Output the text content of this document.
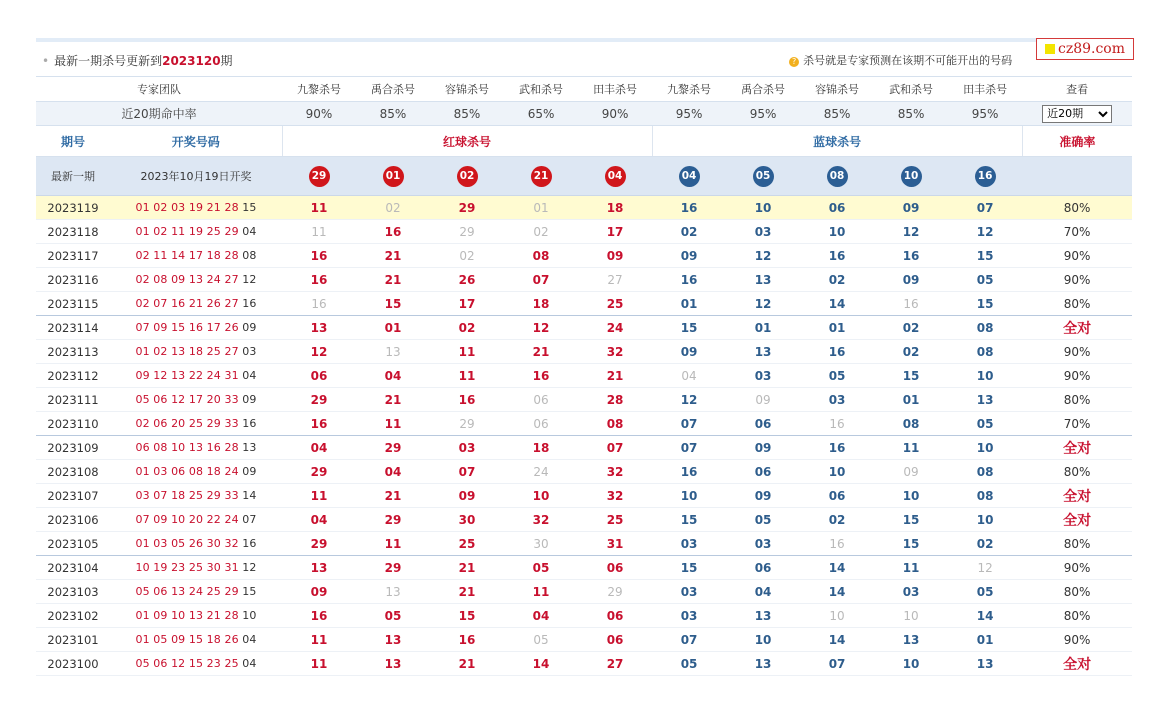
cz89.com
• 最新一期杀号更新到2023120期						? 杀号就是专家预测在该期不可能开出的号码						
专家团队		九黎杀号	禹合杀号	容锦杀号	武和杀号	田丰杀号	九黎杀号	禹合杀号	容锦杀号	武和杀号	田丰杀号	查看
近20期命中率		90%	85%	85%	65%	90%	95%	95%	85%	85%	95%	
近20期
期号	开奖号码	红球杀号					蓝球杀号					准确率
最新一期	2023年10月19日开奖	29	01	02	21	04	04	05	08	10	16	
2023119	01 02 03 19 21 28 15	11	02	29	01	18	16	10	06	09	07	80%
2023118	01 02 11 19 25 29 04	11	16	29	02	17	02	03	10	12	12	70%
2023117	02 11 14 17 18 28 08	16	21	02	08	09	09	12	16	16	15	90%
2023116	02 08 09 13 24 27 12	16	21	26	07	27	16	13	02	09	05	90%
2023115	02 07 16 21 26 27 16	16	15	17	18	25	01	12	14	16	15	80%
2023114	07 09 15 16 17 26 09	13	01	02	12	24	15	01	01	02	08	全对
2023113	01 02 13 18 25 27 03	12	13	11	21	32	09	13	16	02	08	90%
2023112	09 12 13 22 24 31 04	06	04	11	16	21	04	03	05	15	10	90%
2023111	05 06 12 17 20 33 09	29	21	16	06	28	12	09	03	01	13	80%
2023110	02 06 20 25 29 33 16	16	11	29	06	08	07	06	16	08	05	70%
2023109	06 08 10 13 16 28 13	04	29	03	18	07	07	09	16	11	10	全对
2023108	01 03 06 08 18 24 09	29	04	07	24	32	16	06	10	09	08	80%
2023107	03 07 18 25 29 33 14	11	21	09	10	32	10	09	06	10	08	全对
2023106	07 09 10 20 22 24 07	04	29	30	32	25	15	05	02	15	10	全对
2023105	01 03 05 26 30 32 16	29	11	25	30	31	03	03	16	15	02	80%
2023104	10 19 23 25 30 31 12	13	29	21	05	06	15	06	14	11	12	90%
2023103	05 06 13 24 25 29 15	09	13	21	11	29	03	04	14	03	05	80%
2023102	01 09 10 13 21 28 10	16	05	15	04	06	03	13	10	10	14	80%
2023101	01 05 09 15 18 26 04	11	13	16	05	06	07	10	14	13	01	90%
2023100	05 06 12 15 23 25 04	11	13	21	14	27	05	13	07	10	13	全对
